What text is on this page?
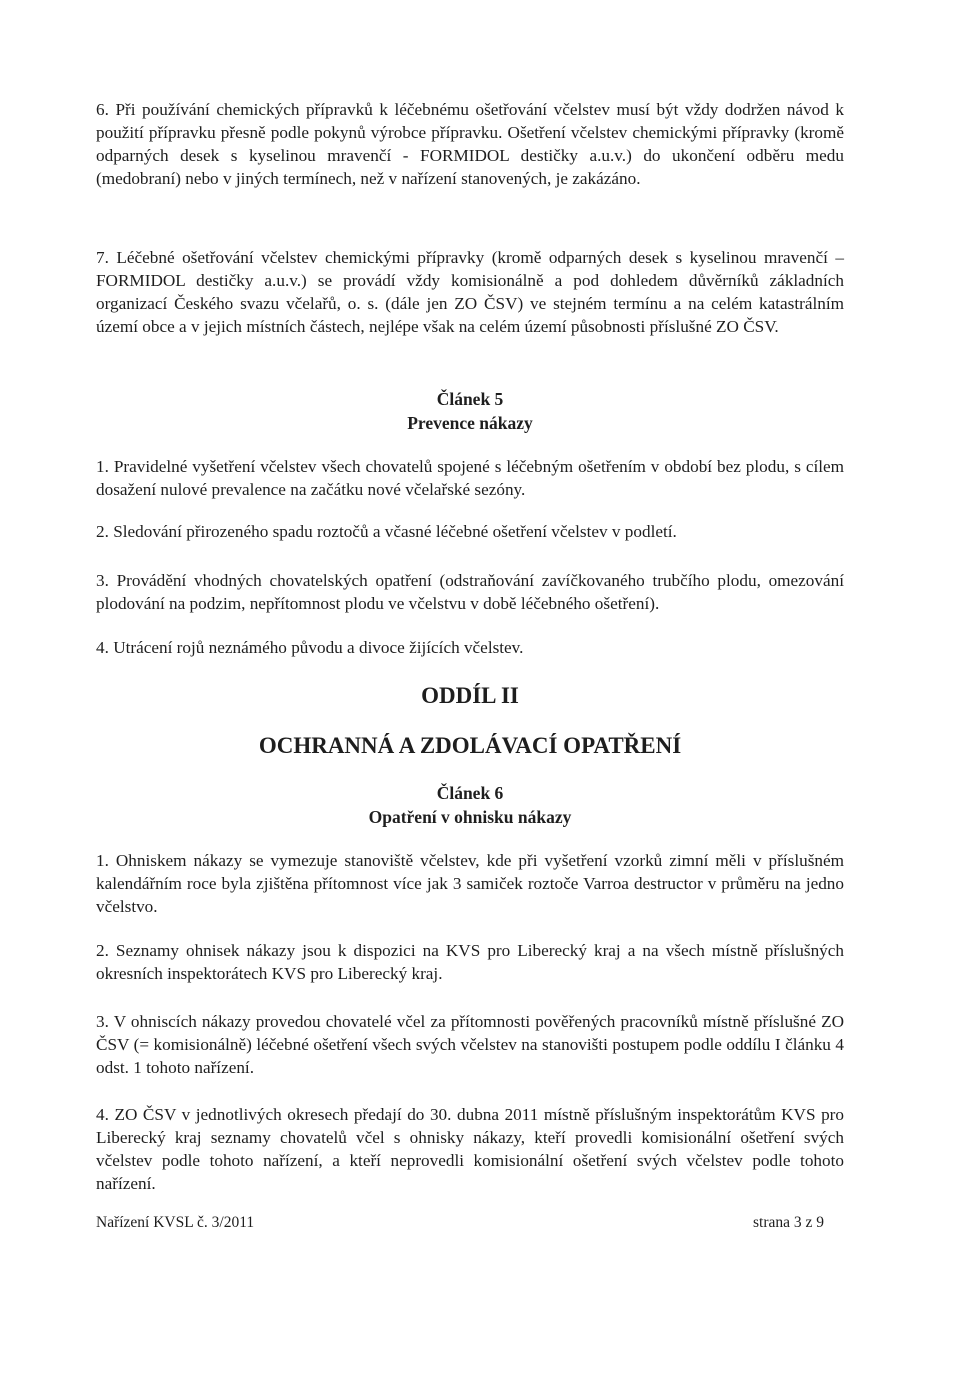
6. Při používání chemických přípravků k léčebnému ošetřování včelstev musí být vždy dodržen návod k použití přípravku přesně podle pokynů výrobce přípravku. Ošetření včelstev chemickými přípravky (kromě odparných desek s kyselinou mravenčí - FORMIDOL destičky a.u.v.) do ukončení odběru medu (medobraní) nebo v jiných termínech, než v nařízení stanovených, je zakázáno.

7. Léčebné ošetřování včelstev chemickými přípravky (kromě odparných desek s kyselinou mravenčí – FORMIDOL destičky a.u.v.) se provádí vždy komisionálně a pod dohledem důvěrníků základních organizací Českého svazu včelařů, o. s. (dále jen ZO ČSV) ve stejném termínu a na celém katastrálním území obce a v jejich místních částech, nejlépe však na celém území působnosti příslušné ZO ČSV.

Článek 5

Prevence nákazy

1. Pravidelné vyšetření včelstev všech chovatelů spojené s léčebným ošetřením v období bez plodu, s cílem dosažení nulové prevalence na začátku nové včelařské sezóny.

2. Sledování přirozeného spadu roztočů a včasné léčebné ošetření včelstev v podletí.

3. Provádění vhodných chovatelských opatření (odstraňování zavíčkovaného trubčího plodu, omezování plodování na podzim, nepřítomnost plodu ve včelstvu v době léčebného ošetření).

4. Utrácení rojů neznámého původu a divoce žijících včelstev.

ODDÍL II

OCHRANNÁ A ZDOLÁVACÍ OPATŘENÍ

Článek 6

Opatření v ohnisku nákazy

1. Ohniskem nákazy se vymezuje stanoviště včelstev, kde při vyšetření vzorků zimní měli v příslušném kalendářním roce byla zjištěna přítomnost více jak 3 samiček roztoče Varroa destructor v průměru na jedno včelstvo.

2. Seznamy ohnisek nákazy jsou k dispozici na KVS pro Liberecký kraj a na všech místně příslušných okresních inspektorátech KVS pro Liberecký kraj.

3. V ohniscích nákazy provedou chovatelé včel za přítomnosti pověřených pracovníků místně příslušné ZO ČSV (= komisionálně) léčebné ošetření všech svých včelstev na stanovišti postupem podle oddílu I článku 4 odst. 1 tohoto nařízení.

4. ZO ČSV v jednotlivých okresech předají do 30. dubna 2011 místně příslušným inspektorátům KVS pro Liberecký kraj seznamy chovatelů včel s ohnisky nákazy, kteří provedli komisionální ošetření svých včelstev podle tohoto nařízení, a kteří neprovedli komisionální ošetření svých včelstev podle tohoto nařízení.

Nařízení KVSL č. 3/2011	strana 3 z 9
